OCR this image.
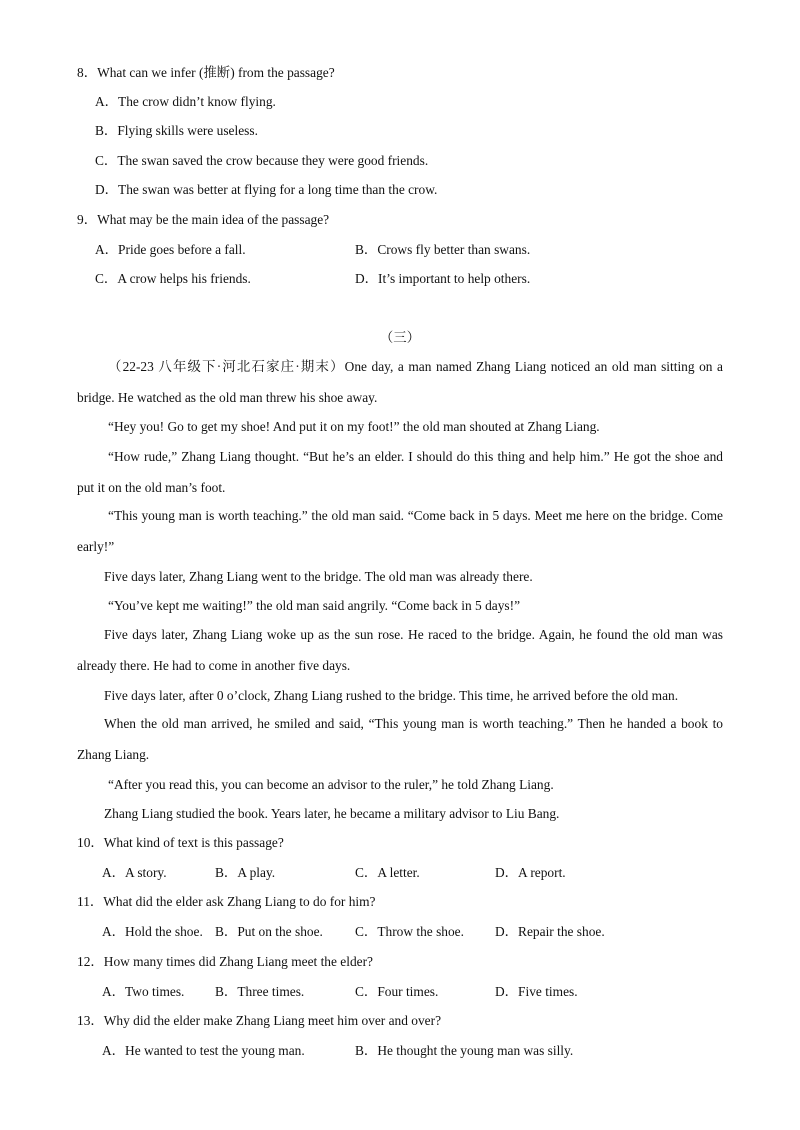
8．What can we infer (推断) from the passage?
A．The crow didn’t know flying.
B．Flying skills were useless.
C．The swan saved the crow because they were good friends.
D．The swan was better at flying for a long time than the crow.
9．What may be the main idea of the passage?
A．Pride goes before a fall.	B．Crows fly better than swans.
C．A crow helps his friends.	D．It’s important to help others.
（三）
（22-23 八年级下·河北石家庄·期末）One day, a man named Zhang Liang noticed an old man sitting on a bridge. He watched as the old man threw his shoe away.
“Hey you! Go to get my shoe! And put it on my foot!” the old man shouted at Zhang Liang.
“How rude,” Zhang Liang thought. “But he’s an elder. I should do this thing and help him.” He got the shoe and put it on the old man’s foot.
“This young man is worth teaching.” the old man said. “Come back in 5 days. Meet me here on the bridge. Come early!”
Five days later, Zhang Liang went to the bridge. The old man was already there.
“You’ve kept me waiting!” the old man said angrily. “Come back in 5 days!”
Five days later, Zhang Liang woke up as the sun rose. He raced to the bridge. Again, he found the old man was already there. He had to come in another five days.
Five days later, after 0 o’clock, Zhang Liang rushed to the bridge. This time, he arrived before the old man.
When the old man arrived, he smiled and said, “This young man is worth teaching.” Then he handed a book to Zhang Liang.
“After you read this, you can become an advisor to the ruler,” he told Zhang Liang.
Zhang Liang studied the book. Years later, he became a military advisor to Liu Bang.
10．What kind of text is this passage?
A．A story.	B．A play.	C．A letter.	D．A report.
11．What did the elder ask Zhang Liang to do for him?
A．Hold the shoe. B．Put on the shoe. C．Throw the shoe. D．Repair the shoe.
12．How many times did Zhang Liang meet the elder?
A．Two times. B．Three times.	C．Four times.	D．Five times.
13．Why did the elder make Zhang Liang meet him over and over?
A．He wanted to test the young man.	B．He thought the young man was silly.
